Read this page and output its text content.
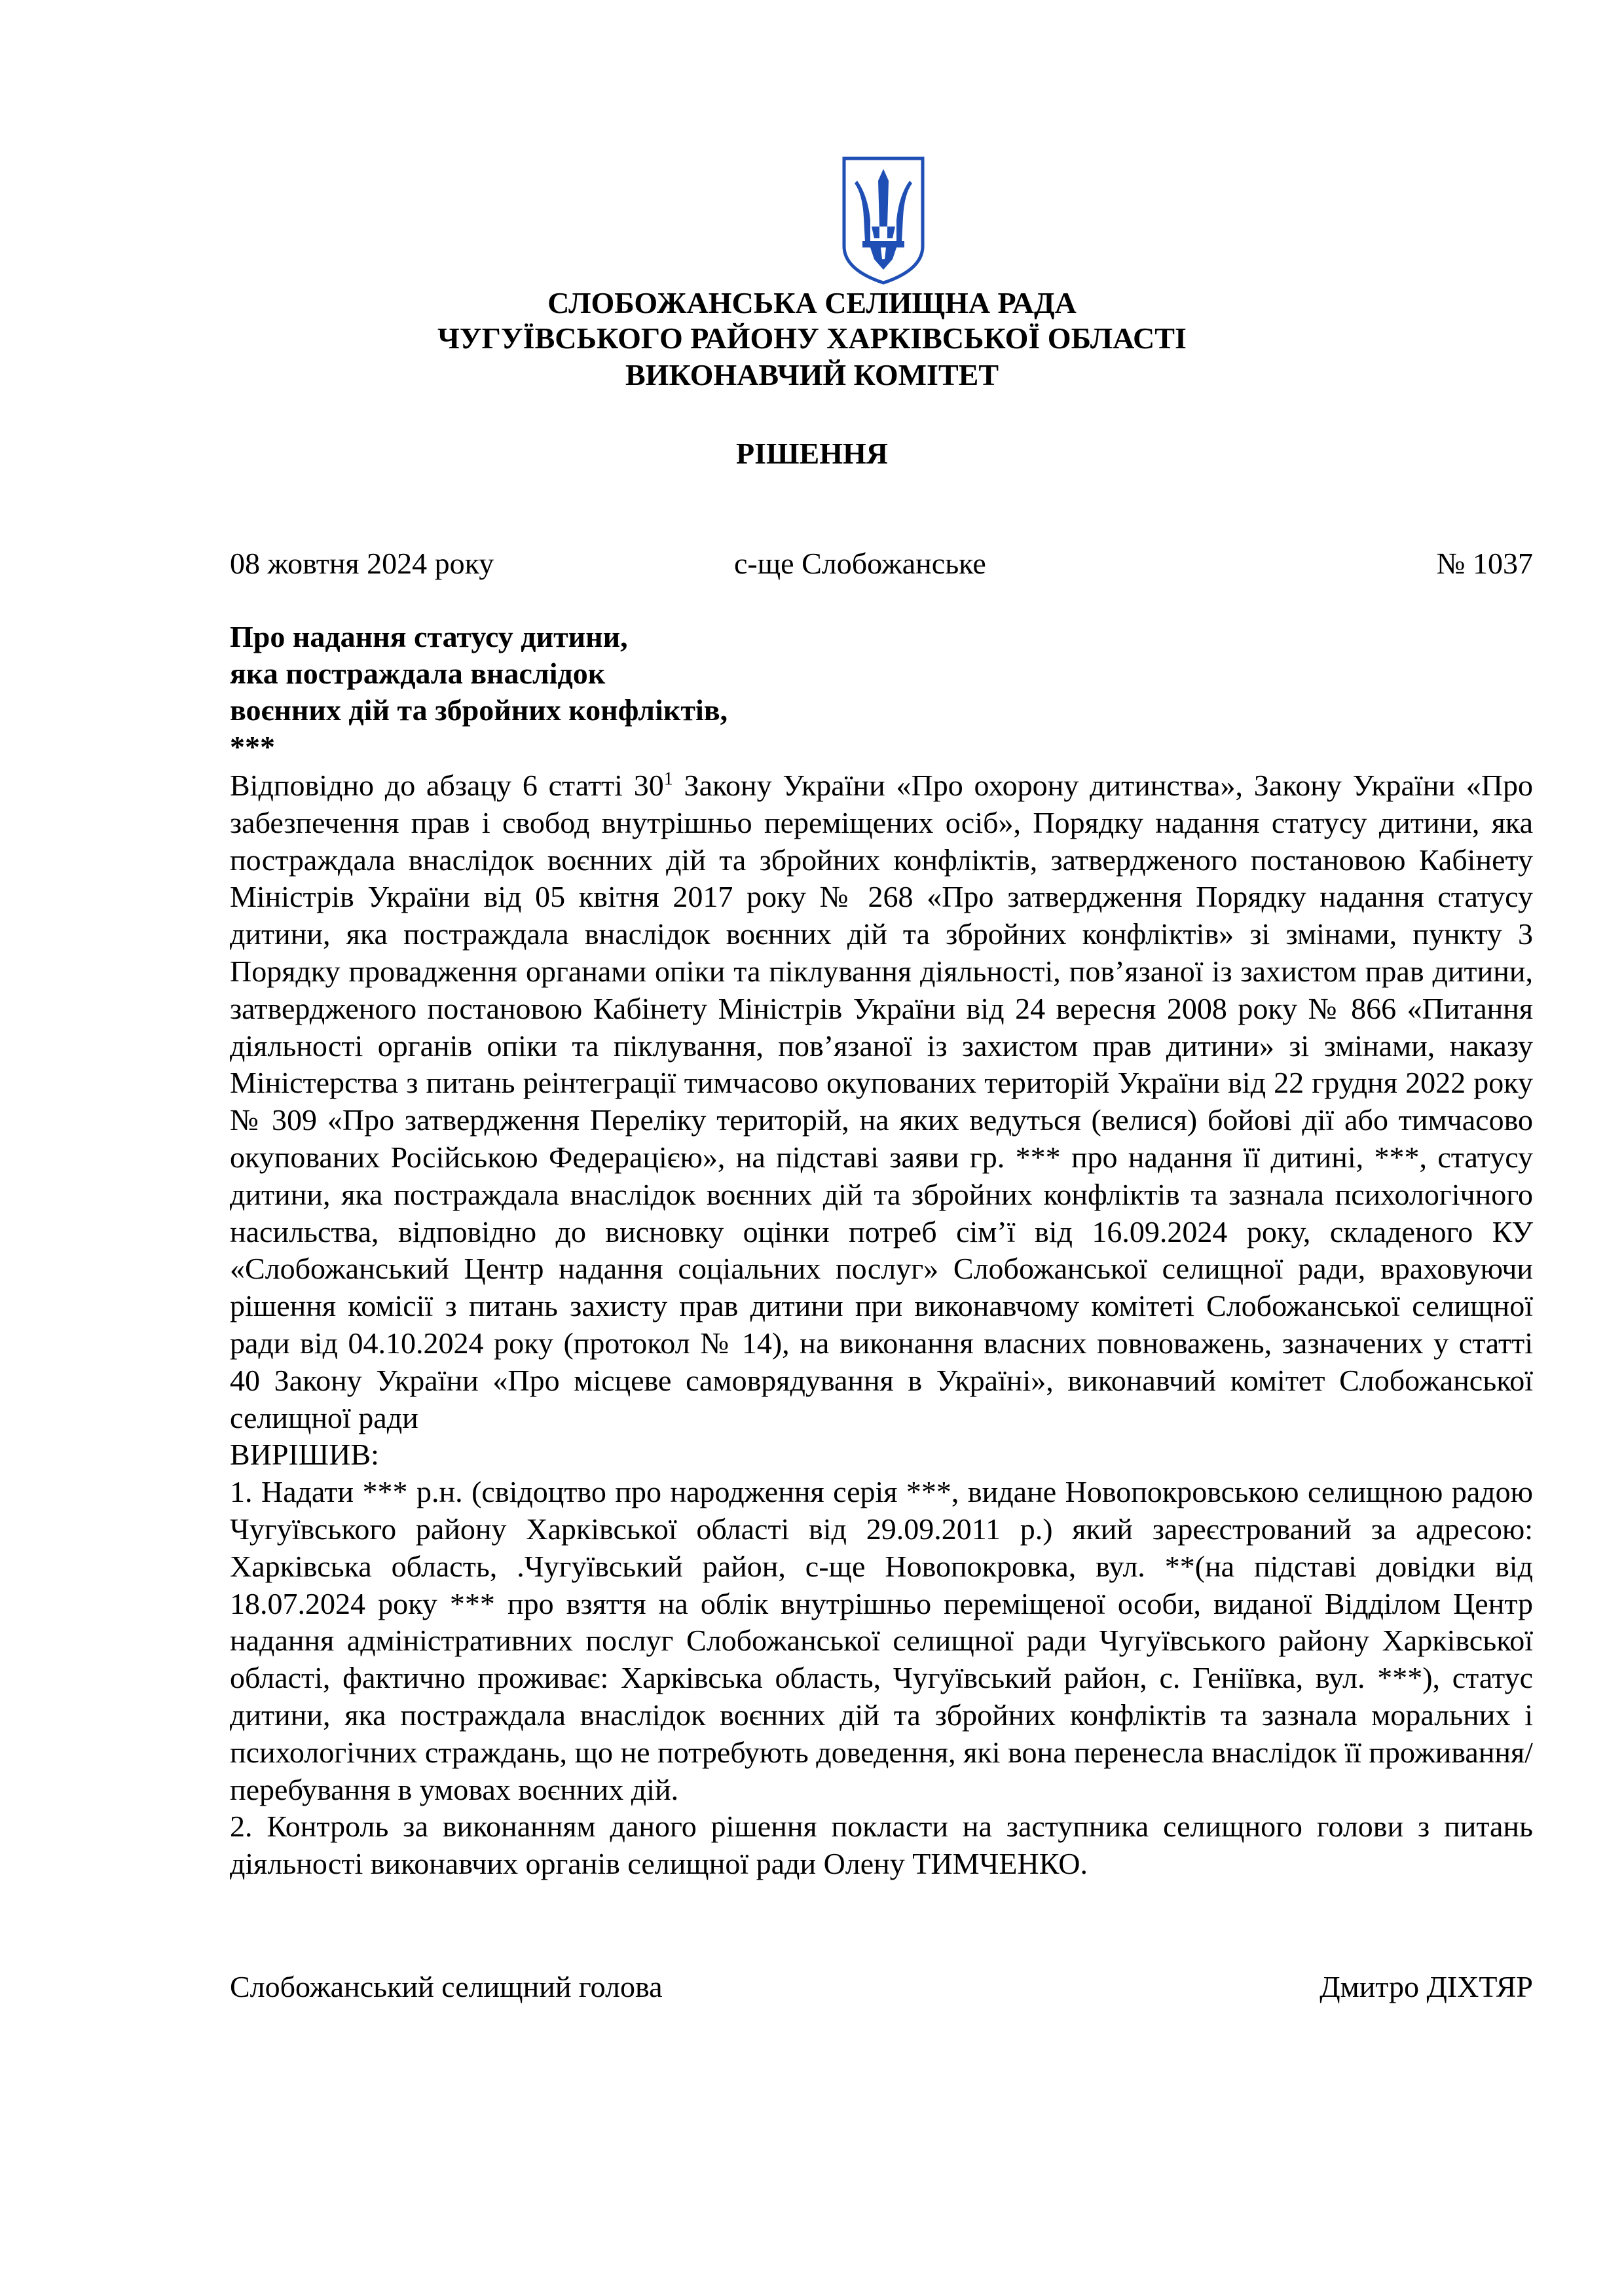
СЛОБОЖАНСЬКА СЕЛИЩНА РАДА
ЧУГУЇВСЬКОГО РАЙОНУ ХАРКІВСЬКОЇ ОБЛАСТІ
ВИКОНАВЧИЙ КОМІТЕТ
РІШЕННЯ
08 жовтня 2024 року	с-ще Слобожанське	№ 1037
Про надання статусу дитини,
яка постраждала внаслідок
воєнних дій та збройних конфліктів,
***

Відповідно до абзацу 6 статті $30^1$ Закону України «Про охорону дитинства», Закону України «Про забезпечення прав і свобод внутрішньо переміщених осіб», Порядку надання статусу дитини, яка постраждала внаслідок воєнних дій та збройних конфліктів, затвердженого постановою Кабінету Міністрів України від 05 квітня 2017 року № 268 «Про затвердження Порядку надання статусу дитини, яка постраждала внаслідок воєнних дій та збройних конфліктів» зі змінами, пункту 3 Порядку провадження органами опіки та піклування діяльності, пов’язаної із захистом прав дитини, затвердженого постановою Кабінету Міністрів України від 24 вересня 2008 року № 866 «Питання діяльності органів опіки та піклування, пов’язаної із захистом прав дитини» зі змінами, наказу Міністерства з питань реінтеграції тимчасово окупованих територій України від 22 грудня 2022 року № 309 «Про затвердження Переліку територій, на яких ведуться (велися) бойові дії або тимчасово окупованих Російською Федерацією», на підставі заяви гр. *** про надання її дитині, ***, статусу дитини, яка постраждала внаслідок воєнних дій та збройних конфліктів та зазнала психологічного насильства, відповідно до висновку оцінки потреб сім’ї від 16.09.2024 року, складеного КУ «Слобожанський Центр надання соціальних послуг» Слобожанської селищної ради, враховуючи рішення комісії з питань захисту прав дитини при виконавчому комітеті Слобожанської селищної ради від 04.10.2024 року (протокол № 14), на виконання власних повноважень, зазначених у статті 40 Закону України «Про місцеве самоврядування в Україні», виконавчий комітет Слобожанської селищної ради

ВИРІШИВ:

1. Надати *** р.н. (свідоцтво про народження серія ***, видане Новопокровською селищною радою Чугуївського району Харківської області від 29.09.2011 р.) який зареєстрований за адресою: Харківська область, .Чугуївський район, с-ще Новопокровка, вул. **(на підставі довідки від 18.07.2024 року *** про взяття на облік внутрішньо переміщеної особи, виданої Відділом Центр надання адміністративних послуг Слобожанської селищної ради Чугуївського району Харківської області, фактично проживає: Харківська область, Чугуївський район, с. Геніївка, вул. ***), статус дитини, яка постраждала внаслідок воєнних дій та збройних конфліктів та зазнала моральних і психологічних страждань, що не потребують доведення, які вона перенесла внаслідок її проживання/перебування в умовах воєнних дій.

2. Контроль за виконанням даного рішення покласти на заступника селищного голови з питань діяльності виконавчих органів селищної ради Олену ТИМЧЕНКО.

Слобожанський селищний голова	Дмитро ДІХТЯР
